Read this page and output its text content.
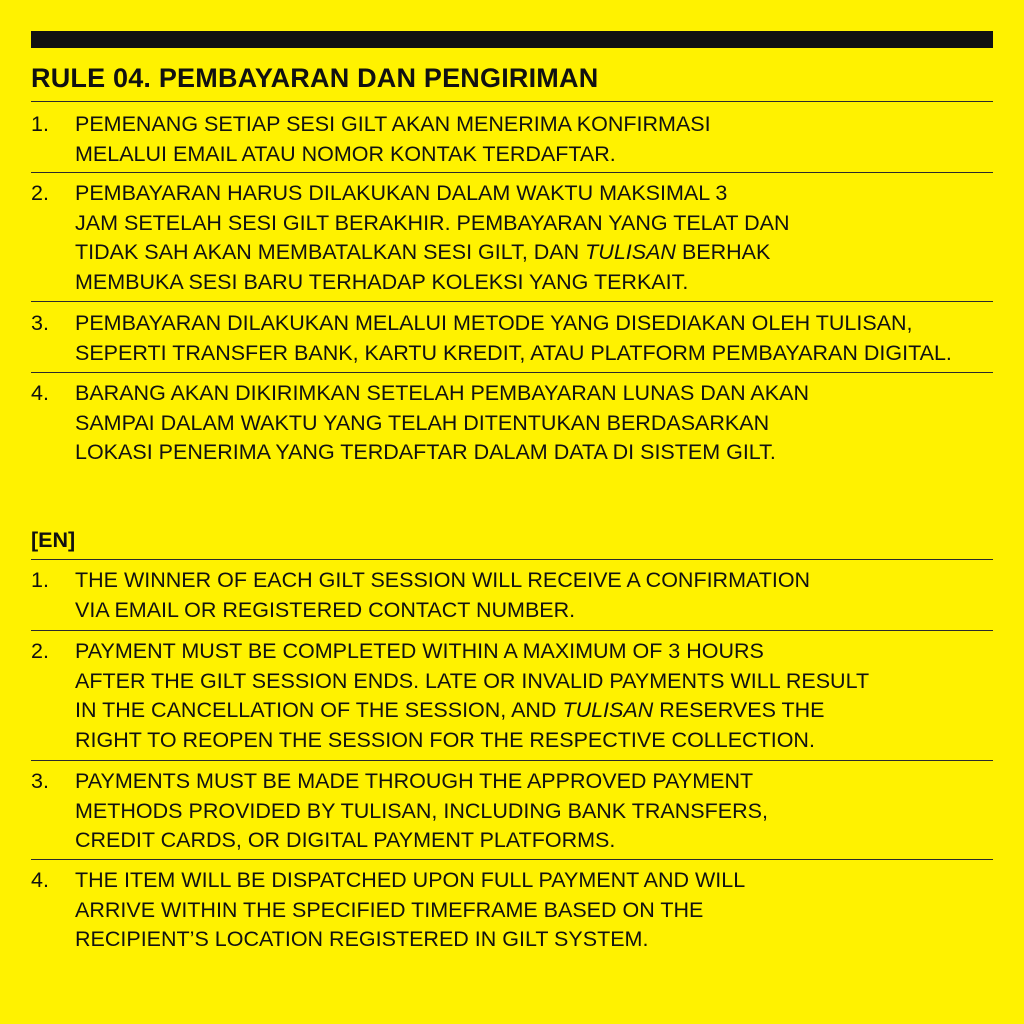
RULE 04. PEMBAYARAN DAN PENGIRIMAN
1. PEMENANG SETIAP SESI GILT AKAN MENERIMA KONFIRMASI
MELALUI EMAIL ATAU NOMOR KONTAK TERDAFTAR.
2. PEMBAYARAN HARUS DILAKUKAN DALAM WAKTU MAKSIMAL 3
JAM SETELAH SESI GILT BERAKHIR. PEMBAYARAN YANG TELAT DAN
TIDAK SAH AKAN MEMBATALKAN SESI GILT, DAN TULISAN BERHAK
MEMBUKA SESI BARU TERHADAP KOLEKSI YANG TERKAIT.
3. PEMBAYARAN DILAKUKAN MELALUI METODE YANG DISEDIAKAN OLEH TULISAN,
SEPERTI TRANSFER BANK, KARTU KREDIT, ATAU PLATFORM PEMBAYARAN DIGITAL.
4. BARANG AKAN DIKIRIMKAN SETELAH PEMBAYARAN LUNAS DAN AKAN
SAMPAI DALAM WAKTU YANG TELAH DITENTUKAN BERDASARKAN
LOKASI PENERIMA YANG TERDAFTAR DALAM DATA DI SISTEM GILT.
[EN]
1. THE WINNER OF EACH GILT SESSION WILL RECEIVE A CONFIRMATION
VIA EMAIL OR REGISTERED CONTACT NUMBER.
2. PAYMENT MUST BE COMPLETED WITHIN A MAXIMUM OF 3 HOURS
AFTER THE GILT SESSION ENDS. LATE OR INVALID PAYMENTS WILL RESULT
IN THE CANCELLATION OF THE SESSION, AND TULISAN RESERVES THE
RIGHT TO REOPEN THE SESSION FOR THE RESPECTIVE COLLECTION.
3. PAYMENTS MUST BE MADE THROUGH THE APPROVED PAYMENT
METHODS PROVIDED BY TULISAN, INCLUDING BANK TRANSFERS,
CREDIT CARDS, OR DIGITAL PAYMENT PLATFORMS.
4. THE ITEM WILL BE DISPATCHED UPON FULL PAYMENT AND WILL
ARRIVE WITHIN THE SPECIFIED TIMEFRAME BASED ON THE
RECIPIENT’S LOCATION REGISTERED IN GILT SYSTEM.
